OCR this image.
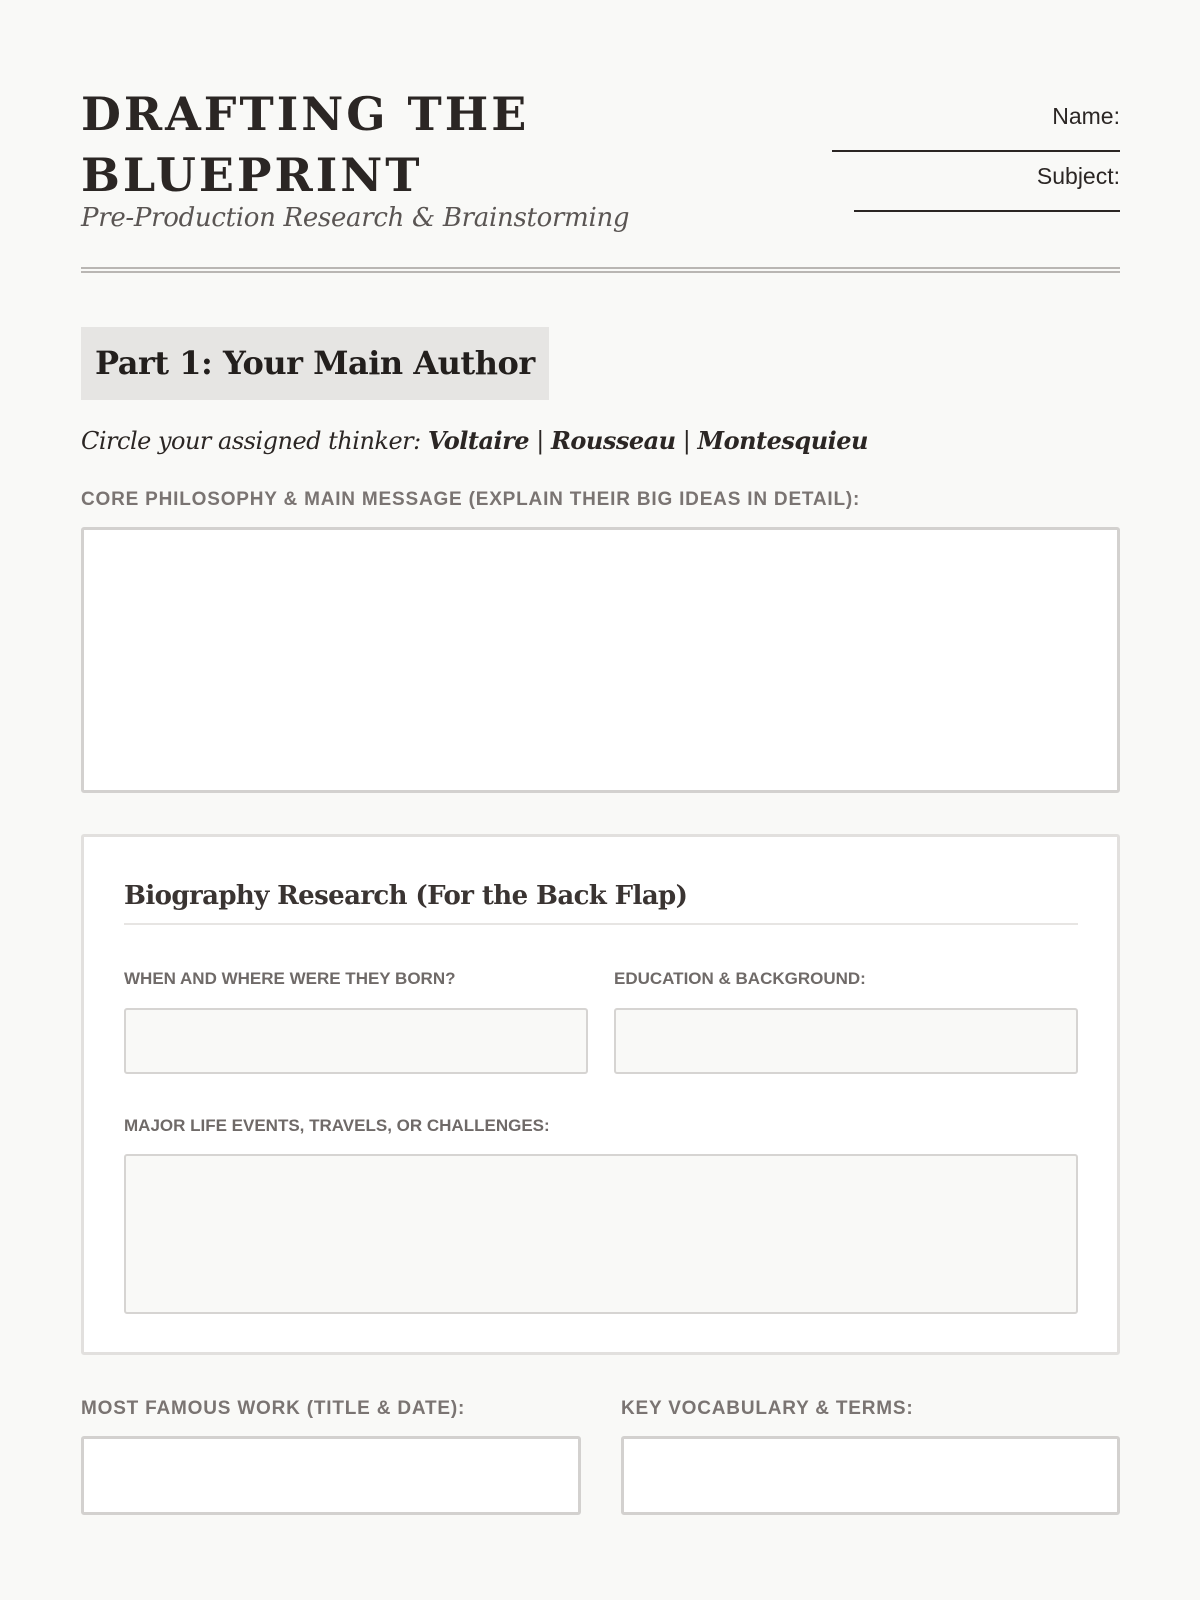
DRAFTING THE
BLUEPRINT
Pre-Production Research & Brainstorming
Name:
Subject:
Part 1: Your Main Author
Circle your assigned thinker: Voltaire | Rousseau | Montesquieu
CORE PHILOSOPHY & MAIN MESSAGE (EXPLAIN THEIR BIG IDEAS IN DETAIL):
Biography Research (For the Back Flap)
WHEN AND WHERE WERE THEY BORN?	EDUCATION & BACKGROUND:
MAJOR LIFE EVENTS, TRAVELS, OR CHALLENGES:
MOST FAMOUS WORK (TITLE & DATE):	KEY VOCABULARY & TERMS:
